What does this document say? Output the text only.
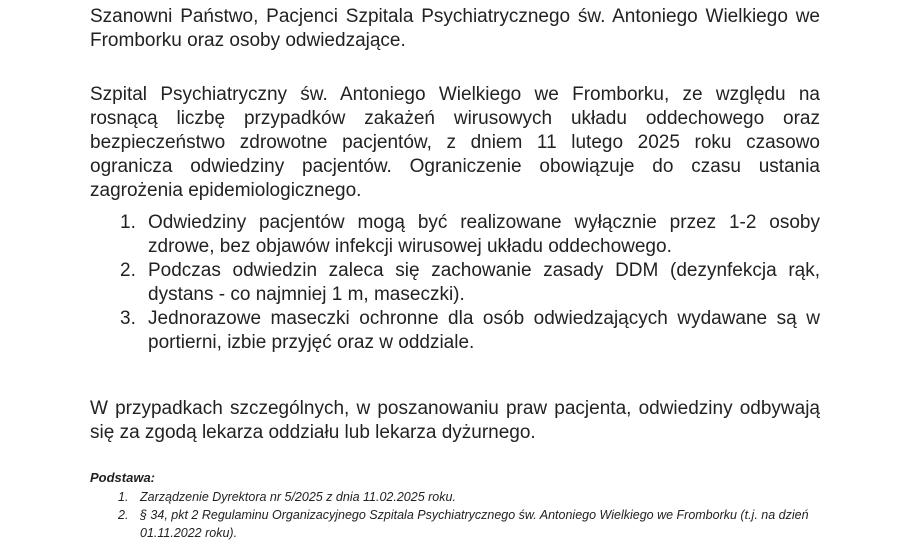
Szanowni Państwo, Pacjenci Szpitala Psychiatrycznego św. Antoniego Wielkiego we Fromborku oraz osoby odwiedzające.

Szpital Psychiatryczny św. Antoniego Wielkiego we Fromborku, ze względu na rosnącą liczbę przypadków zakażeń wirusowych układu oddechowego oraz bezpieczeństwo zdrowotne pacjentów, z dniem 11 lutego 2025 roku czasowo ogranicza odwiedziny pacjentów. Ograniczenie obowiązuje do czasu ustania zagrożenia epidemiologicznego.

1. Odwiedziny pacjentów mogą być realizowane wyłącznie przez 1-2 osoby zdrowe, bez objawów infekcji wirusowej układu oddechowego.
2. Podczas odwiedzin zaleca się zachowanie zasady DDM (dezynfekcja rąk, dystans - co najmniej 1 m, maseczki).
3. Jednorazowe maseczki ochronne dla osób odwiedzających wydawane są w portierni, izbie przyjęć oraz w oddziale.

W przypadkach szczególnych, w poszanowaniu praw pacjenta, odwiedziny odbywają się za zgodą lekarza oddziału lub lekarza dyżurnego.

Podstawa:

1. Zarządzenie Dyrektora nr 5/2025 z dnia 11.02.2025 roku.
2. § 34, pkt 2 Regulaminu Organizacyjnego Szpitala Psychiatrycznego św. Antoniego Wielkiego we Fromborku (t.j. na dzień 01.11.2022 roku).
